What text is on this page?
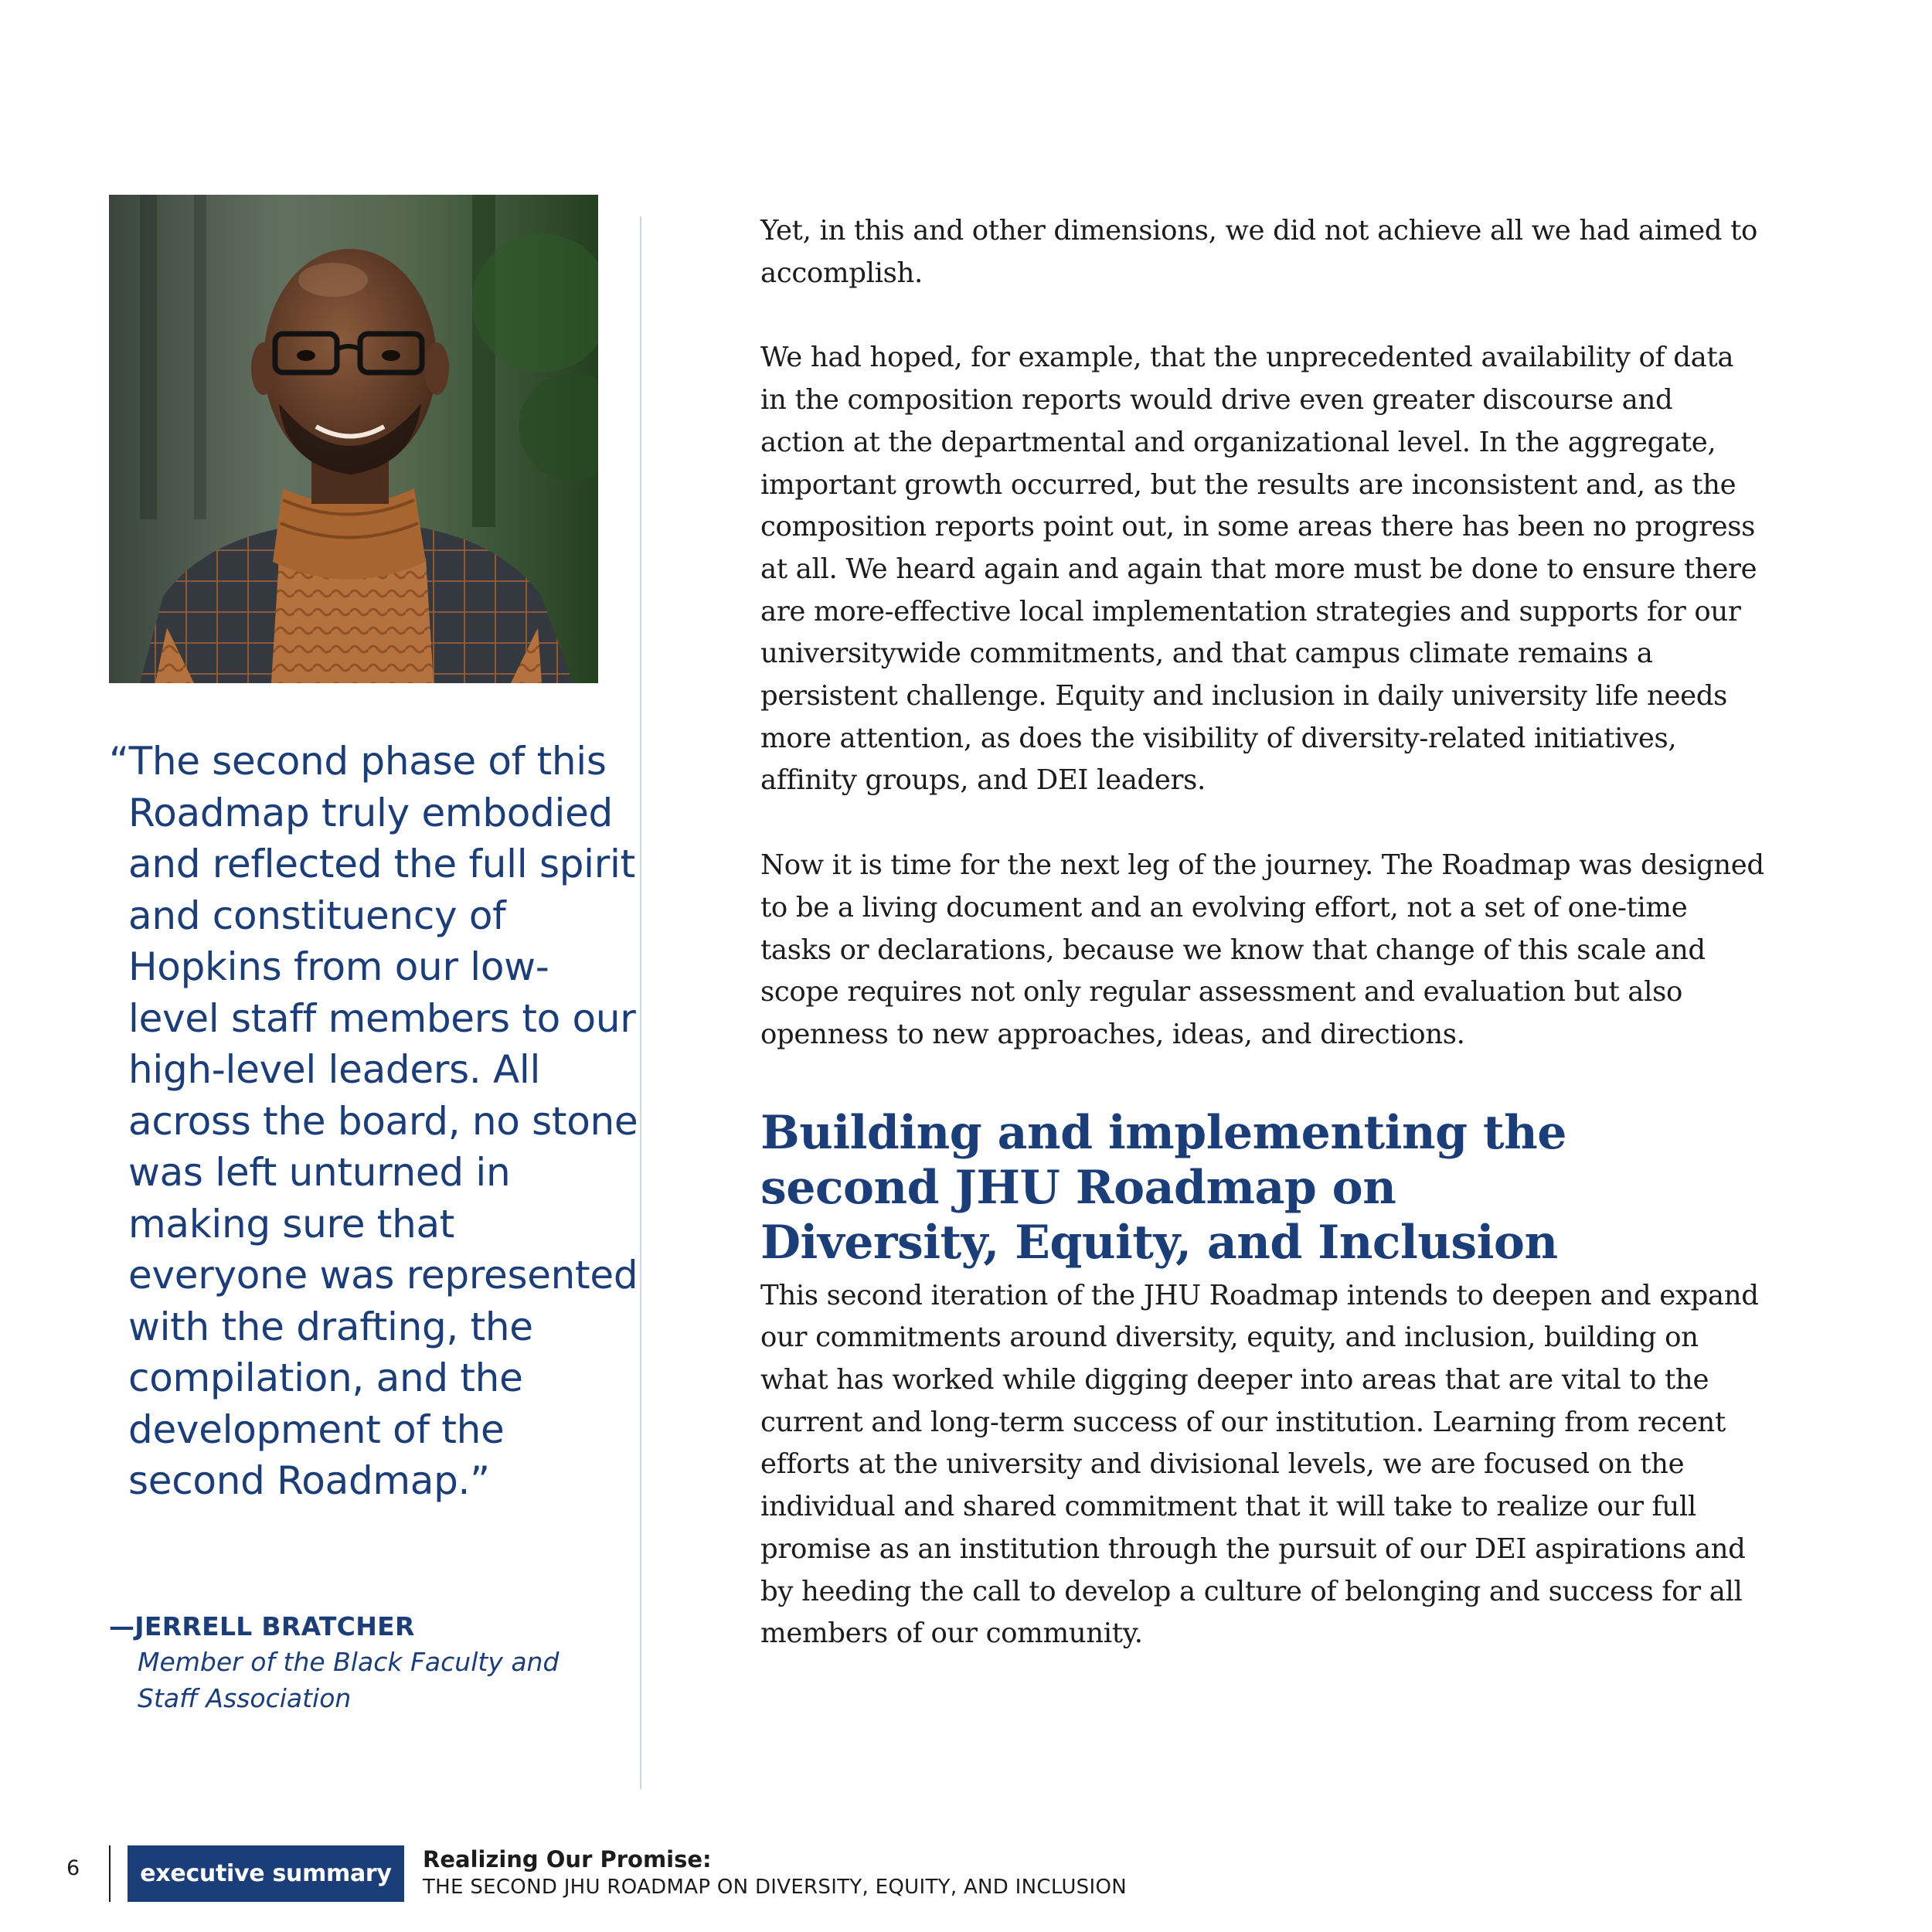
“The second phase of this Roadmap truly embodied and reflected the full spirit and constituency of Hopkins from our low-level staff members to our high-level leaders. All across the board, no stone was left unturned in making sure that everyone was represented with the drafting, the compilation, and the development of the second Roadmap.”
—JERRELL BRATCHER
Member of the Black Faculty and Staff Association

Yet, in this and other dimensions, we did not achieve all we had aimed to accomplish.

We had hoped, for example, that the unprecedented availability of data in the composition reports would drive even greater discourse and action at the departmental and organizational level. In the aggregate, important growth occurred, but the results are inconsistent and, as the composition reports point out, in some areas there has been no progress at all. We heard again and again that more must be done to ensure there are more-effective local implementation strategies and supports for our universitywide commitments, and that campus climate remains a persistent challenge. Equity and inclusion in daily university life needs more attention, as does the visibility of diversity-related initiatives, affinity groups, and DEI leaders.

Now it is time for the next leg of the journey. The Roadmap was designed to be a living document and an evolving effort, not a set of one-time tasks or declarations, because we know that change of this scale and scope requires not only regular assessment and evaluation but also openness to new approaches, ideas, and directions.

Building and implementing the second JHU Roadmap on Diversity, Equity, and Inclusion

This second iteration of the JHU Roadmap intends to deepen and expand our commitments around diversity, equity, and inclusion, building on what has worked while digging deeper into areas that are vital to the current and long-term success of our institution. Learning from recent efforts at the university and divisional levels, we are focused on the individual and shared commitment that it will take to realize our full promise as an institution through the pursuit of our DEI aspirations and by heeding the call to develop a culture of belonging and success for all members of our community.

6	executive summary
Realizing Our Promise:
THE SECOND JHU ROADMAP ON DIVERSITY, EQUITY, AND INCLUSION
